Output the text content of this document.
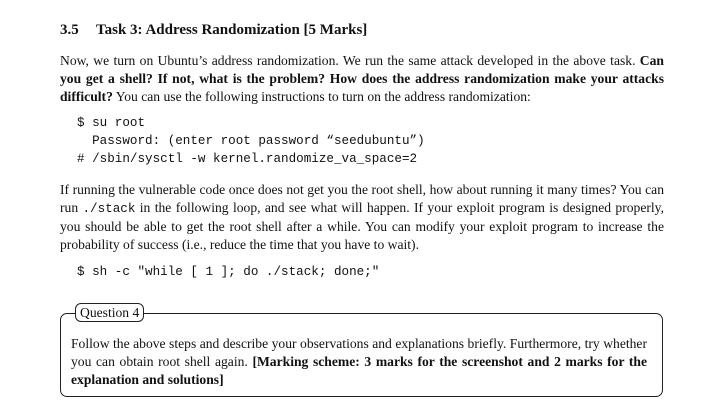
3.5 Task 3: Address Randomization [5 Marks]
Now, we turn on Ubuntu’s address randomization. We run the same attack developed in the above task. Can you get a shell? If not, what is the problem? How does the address randomization make your attacks difficult? You can use the following instructions to turn on the address randomization:
$ su root
Password: (enter root password “seedubuntu”)
# /sbin/sysctl -w kernel.randomize_va_space=2
If running the vulnerable code once does not get you the root shell, how about running it many times? You can run ./stack in the following loop, and see what will happen. If your exploit program is designed properly, you should be able to get the root shell after a while. You can modify your exploit program to increase the probability of success (i.e., reduce the time that you have to wait).
$ sh -c "while [ 1 ]; do ./stack; done;"
Question 4
Follow the above steps and describe your observations and explanations briefly. Furthermore, try whether you can obtain root shell again. [Marking scheme: 3 marks for the screenshot and 2 marks for the explanation and solutions]
